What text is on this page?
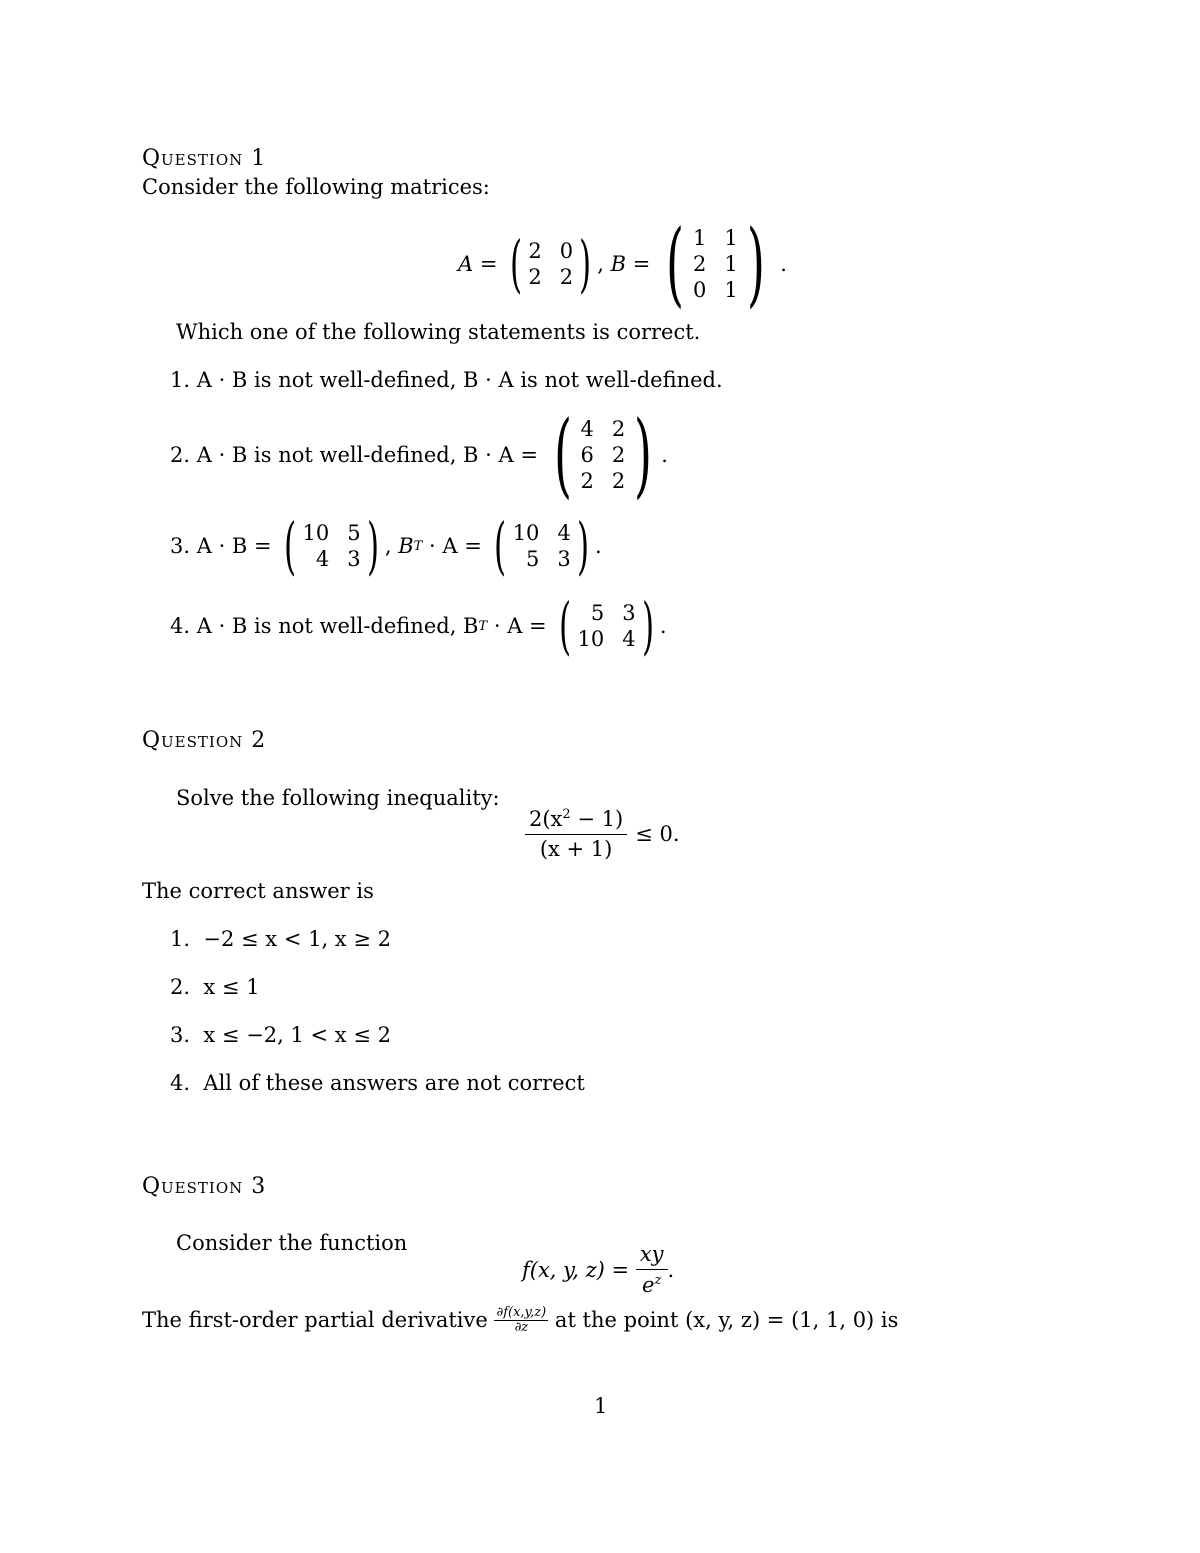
Question 1
Consider the following matrices:
A = ( 2 0
2 2 ) , B = ( 1 1
2 1
0 1 ) .
Which one of the following statements is correct.
1. A · B is not well-defined, B · A is not well-defined.
2.
A · B is not well-defined, B · A =
( 4 2
6 2
2 2 ) .
3.
A · B =
( 10 5
4 3 ) , B T
· A =
( 10 4
5 3 ) .
4.
A · B is not well-defined, B T
· A =
( 5 3
10 4 ) .
Question 2
Solve the following inequality:
$\frac{2(x^2 - 1)}{(x + 1)} \le 0$.
The correct answer is
1. −2 ≤ x < 1, x ≥ 2
2. x ≤ 1
3. x ≤ −2, 1 < x ≤ 2
4. All of these answers are not correct
Question 3
Consider the function
f(x, y, z) =
$\frac{xy}{e^z}$ .
The first-order partial derivative
$\frac{\partial f(x,y,z)}{\partial z}$
at the point (x, y, z) = (1, 1, 0) is
1
